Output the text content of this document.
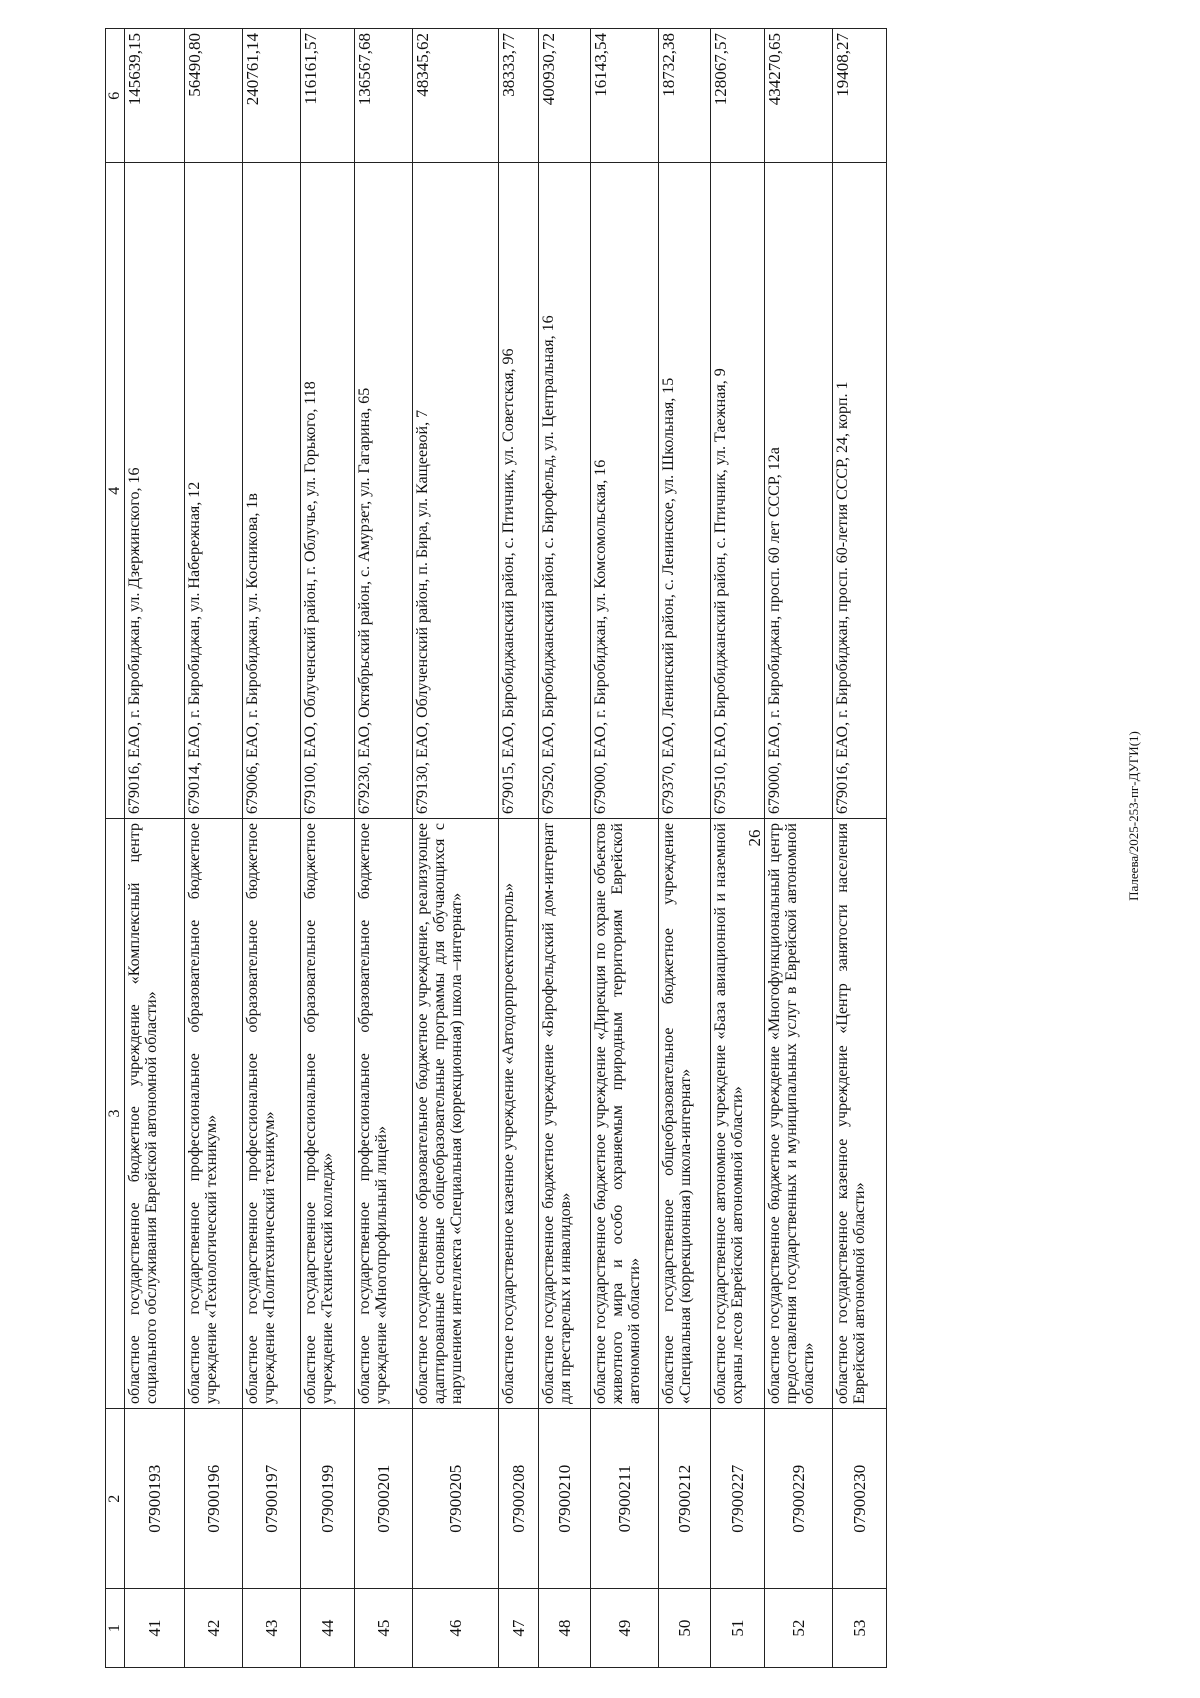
26
1	2	3	4	6
41	07900193	областное государственное бюджетное учреждение «Комплексный центр социального обслуживания Еврейской автономной области»	679016, ЕАО, г. Биробиджан, ул. Дзержинского, 16	145639,15
42	07900196	областное государственное профессиональное образовательное бюджетное учреждение «Технологический техникум»	679014, ЕАО, г. Биробиджан, ул. Набережная, 12	56490,80
43	07900197	областное государственное профессиональное образовательное бюджетное учреждение «Политехнический техникум»	679006, ЕАО, г. Биробиджан, ул. Косникова, 1в	240761,14
44	07900199	областное государственное профессиональное образовательное бюджетное учреждение «Технический колледж»	679100, ЕАО, Облученский район, г. Облучье, ул. Горького, 118	116161,57
45	07900201	областное государственное профессиональное образовательное бюджетное учреждение «Многопрофильный лицей»	679230, ЕАО, Октябрьский район, с. Амурзет, ул. Гагарина, 65	136567,68
46	07900205	областное государственное образовательное бюджетное учреждение, реализующее адаптированные основные общеобразовательные программы для обучающихся с нарушением интеллекта «Специальная (коррекционная) школа –интернат»	679130, ЕАО, Облученский район, п. Бира, ул. Кащеевой, 7	48345,62
47	07900208	областное государственное казенное учреждение «Автодорпроектконтроль»	679015, ЕАО, Биробиджанский район, с. Птичник, ул. Советская, 96	38333,77
48	07900210	областное государственное бюджетное учреждение «Бирофельдский дом-интернат для престарелых и инвалидов»	679520, ЕАО, Биробиджанский район, с. Бирофельд, ул. Центральная, 16	400930,72
49	07900211	областное государственное бюджетное учреждение «Дирекция по охране объектов животного мира и особо охраняемым природным территориям Еврейской автономной области»	679000, ЕАО, г. Биробиджан, ул. Комсомольская, 16	16143,54
50	07900212	областное государственное общеобразовательное бюджетное учреждение «Специальная (коррекционная) школа-интернат»	679370, ЕАО, Ленинский район, с. Ленинское, ул. Школьная, 15	18732,38
51	07900227	областное государственное автономное учреждение «База авиационной и наземной охраны лесов Еврейской автономной области»	679510, ЕАО, Биробиджанский район, с. Птичник, ул. Таежная, 9	128067,57
52	07900229	областное государственное бюджетное учреждение «Многофункциональный центр предоставления государственных и муниципальных услуг в Еврейской автономной области»	679000, ЕАО, г. Биробиджан, просп. 60 лет СССР, 12а	434270,65
53	07900230	областное государственное казенное учреждение «Центр занятости населения Еврейской автономной области»	679016, ЕАО, г. Биробиджан, просп. 60-летия СССР, 24, корп. 1	19408,27
Палеева/2025-253-пг-ДУГИ(1)
